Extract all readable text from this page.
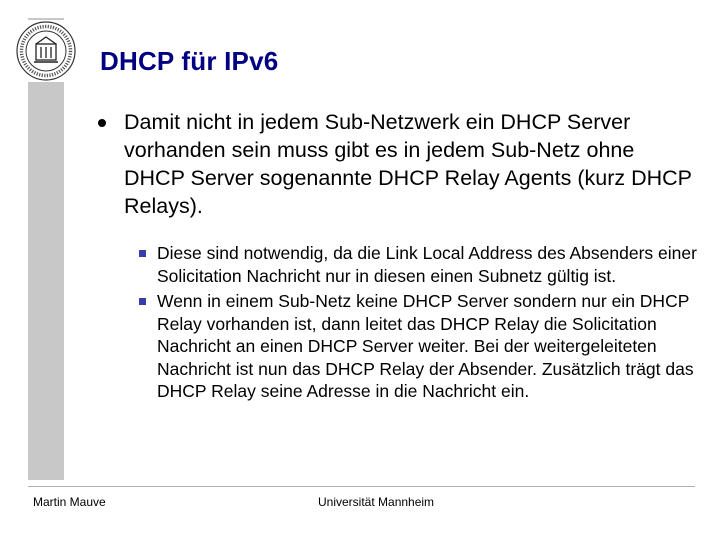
DHCP für IPv6
Damit nicht in jedem Sub-Netzwerk ein DHCP Server vorhanden sein muss gibt es in jedem Sub-Netz ohne DHCP Server sogenannte DHCP Relay Agents (kurz DHCP Relays).
Diese sind notwendig, da die Link Local Address des Absenders einer Solicitation Nachricht nur in diesen einen Subnetz gültig ist.
Wenn in einem Sub-Netz keine DHCP Server sondern nur ein DHCP Relay vorhanden ist, dann leitet das DHCP Relay die Solicitation Nachricht an einen DHCP Server weiter. Bei der weitergeleiteten Nachricht ist nun das DHCP Relay der Absender. Zusätzlich trägt das DHCP Relay seine Adresse in die Nachricht ein.
Martin Mauve	Universität Mannheim
